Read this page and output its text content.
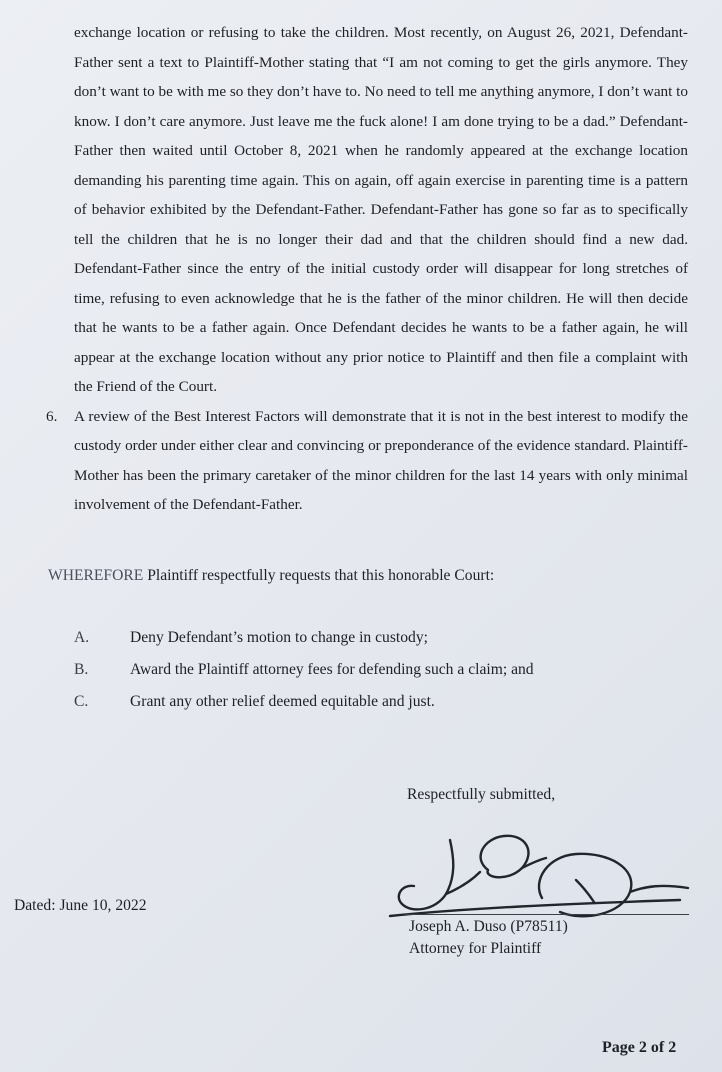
exchange location or refusing to take the children. Most recently, on August 26, 2021, Defendant-Father sent a text to Plaintiff-Mother stating that “I am not coming to get the girls anymore. They don’t want to be with me so they don’t have to. No need to tell me anything anymore, I don’t want to know. I don’t care anymore. Just leave me the fuck alone! I am done trying to be a dad.” Defendant-Father then waited until October 8, 2021 when he randomly appeared at the exchange location demanding his parenting time again. This on again, off again exercise in parenting time is a pattern of behavior exhibited by the Defendant-Father. Defendant-Father has gone so far as to specifically tell the children that he is no longer their dad and that the children should find a new dad. Defendant-Father since the entry of the initial custody order will disappear for long stretches of time, refusing to even acknowledge that he is the father of the minor children. He will then decide that he wants to be a father again. Once Defendant decides he wants to be a father again, he will appear at the exchange location without any prior notice to Plaintiff and then file a complaint with the Friend of the Court.

6. A review of the Best Interest Factors will demonstrate that it is not in the best interest to modify the custody order under either clear and convincing or preponderance of the evidence standard. Plaintiff-Mother has been the primary caretaker of the minor children for the last 14 years with only minimal involvement of the Defendant-Father.

WHEREFORE Plaintiff respectfully requests that this honorable Court:
A.	Deny Defendant’s motion to change in custody;
B.	Award the Plaintiff attorney fees for defending such a claim; and
C.	Grant any other relief deemed equitable and just.
Respectfully submitted,
Dated: June 10, 2022
Joseph A. Duso (P78511)
Attorney for Plaintiff
Page 2 of 2
